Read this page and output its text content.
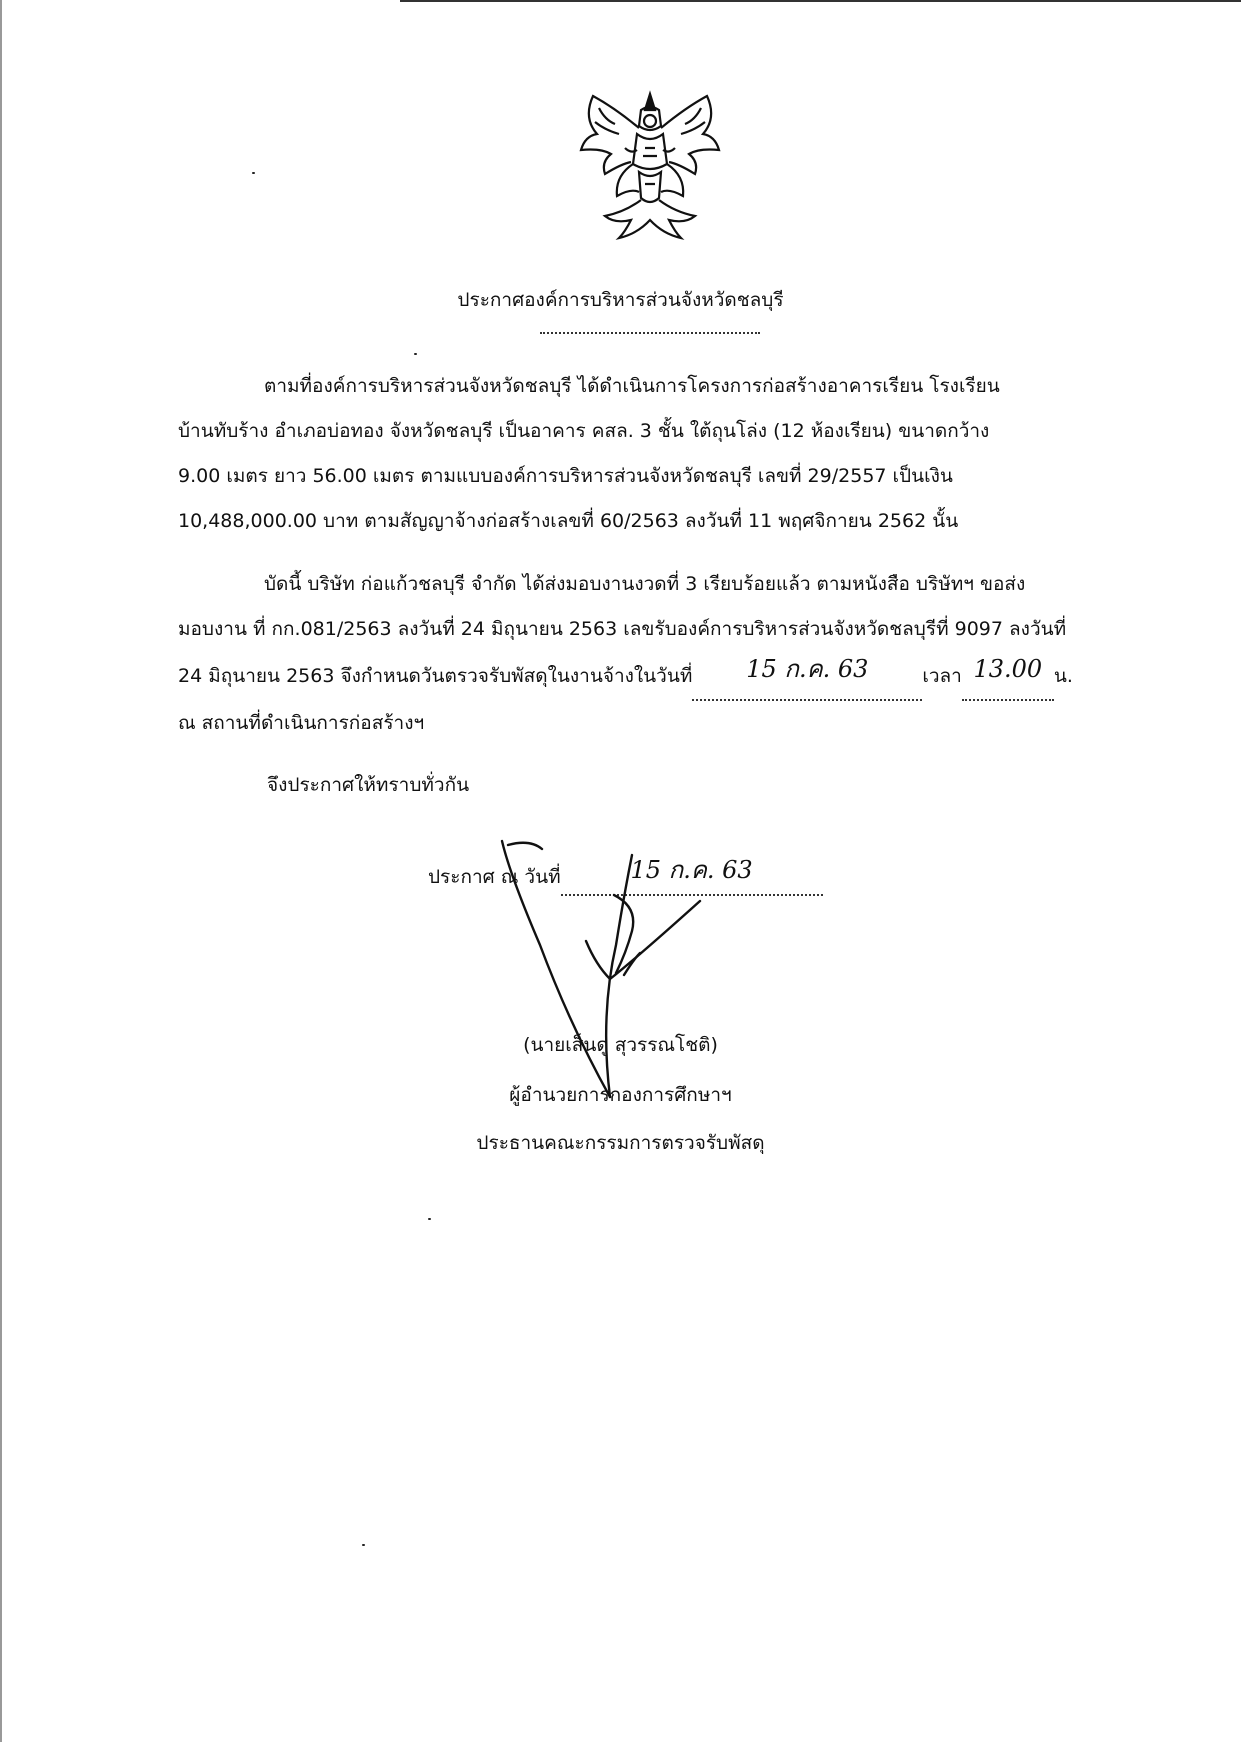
ประกาศองค์การบริหารส่วนจังหวัดชลบุรี
ตามที่องค์การบริหารส่วนจังหวัดชลบุรี ได้ดำเนินการโครงการก่อสร้างอาคารเรียน โรงเรียน
บ้านทับร้าง อำเภอบ่อทอง จังหวัดชลบุรี เป็นอาคาร คสล. 3 ชั้น ใต้ถุนโล่ง (12 ห้องเรียน) ขนาดกว้าง
9.00 เมตร ยาว 56.00 เมตร ตามแบบองค์การบริหารส่วนจังหวัดชลบุรี เลขที่ 29/2557 เป็นเงิน
10,488,000.00 บาท ตามสัญญาจ้างก่อสร้างเลขที่ 60/2563 ลงวันที่ 11 พฤศจิกายน 2562 นั้น
บัดนี้ บริษัท ก่อแก้วชลบุรี จำกัด ได้ส่งมอบงานงวดที่ 3 เรียบร้อยแล้ว ตามหนังสือ บริษัทฯ ขอส่ง
มอบงาน ที่ กก.081/2563 ลงวันที่ 24 มิถุนายน 2563 เลขรับองค์การบริหารส่วนจังหวัดชลบุรีที่ 9097 ลงวันที่
24 มิถุนายน 2563 จึงกำหนดวันตรวจรับพัสดุในงานจ้างในวันที่ 15 ก.ค. 63	เวลา 13.00 น.
ณ สถานที่ดำเนินการก่อสร้างฯ
จึงประกาศให้ทราบทั่วกัน
ประกาศ ณ วันที่	15 ก.ค. 63
(นายเส็นดู สุวรรณโชติ)
ผู้อำนวยการกองการศึกษาฯ
ประธานคณะกรรมการตรวจรับพัสดุ
